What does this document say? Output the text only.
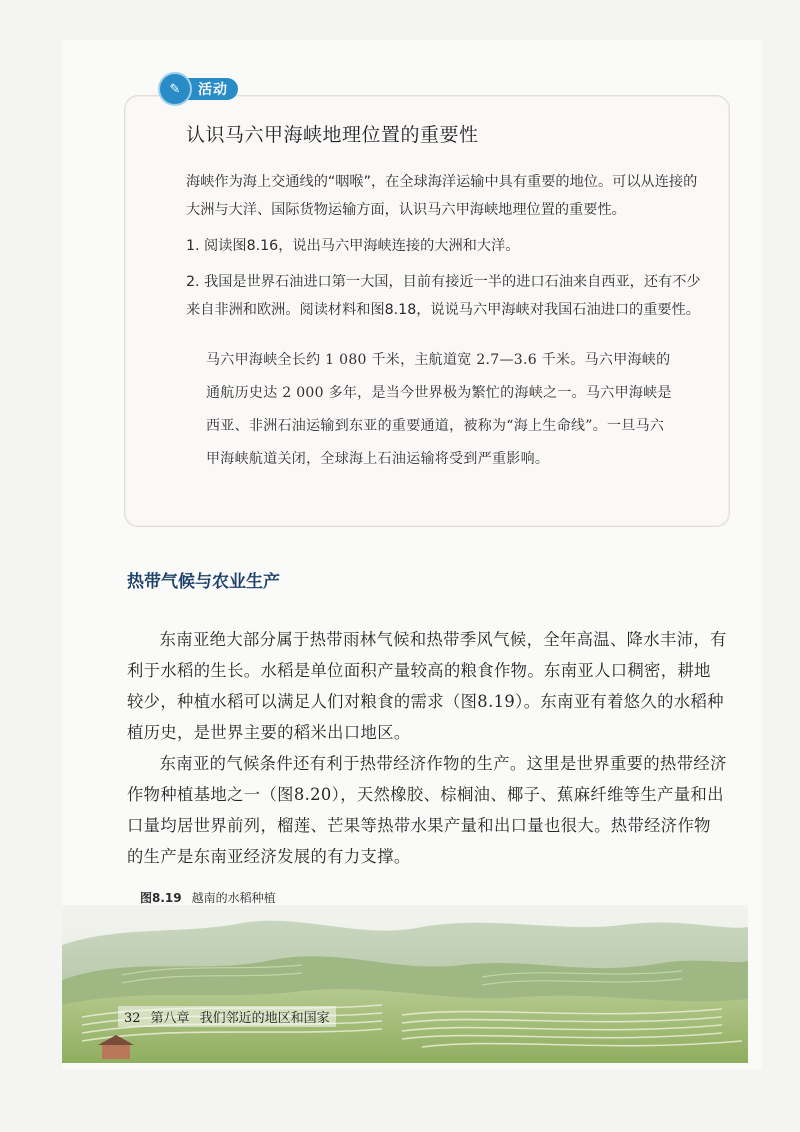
✎	活动
认识马六甲海峡地理位置的重要性

海峡作为海上交通线的“咽喉”，在全球海洋运输中具有重要的地位。可以从连接的大洲与大洋、国际货物运输方面，认识马六甲海峡地理位置的重要性。

1. 阅读图8.16，说出马六甲海峡连接的大洲和大洋。

2. 我国是世界石油进口第一大国，目前有接近一半的进口石油来自西亚，还有不少来自非洲和欧洲。阅读材料和图8.18，说说马六甲海峡对我国石油进口的重要性。

马六甲海峡全长约 1 080 千米，主航道宽 2.7—3.6 千米。马六甲海峡的通航历史达 2 000 多年，是当今世界极为繁忙的海峡之一。马六甲海峡是西亚、非洲石油运输到东亚的重要通道，被称为“海上生命线”。一旦马六甲海峡航道关闭，全球海上石油运输将受到严重影响。
热带气候与农业生产

东南亚绝大部分属于热带雨林气候和热带季风气候，全年高温、降水丰沛，有利于水稻的生长。水稻是单位面积产量较高的粮食作物。东南亚人口稠密，耕地较少，种植水稻可以满足人们对粮食的需求（图8.19）。东南亚有着悠久的水稻种植历史，是世界主要的稻米出口地区。

东南亚的气候条件还有利于热带经济作物的生产。这里是世界重要的热带经济作物种植基地之一（图8.20），天然橡胶、棕榈油、椰子、蕉麻纤维等生产量和出口量均居世界前列，榴莲、芒果等热带水果产量和出口量也很大。热带经济作物的生产是东南亚经济发展的有力支撑。

图8.19 越南的水稻种植
32 第八章 我们邻近的地区和国家
